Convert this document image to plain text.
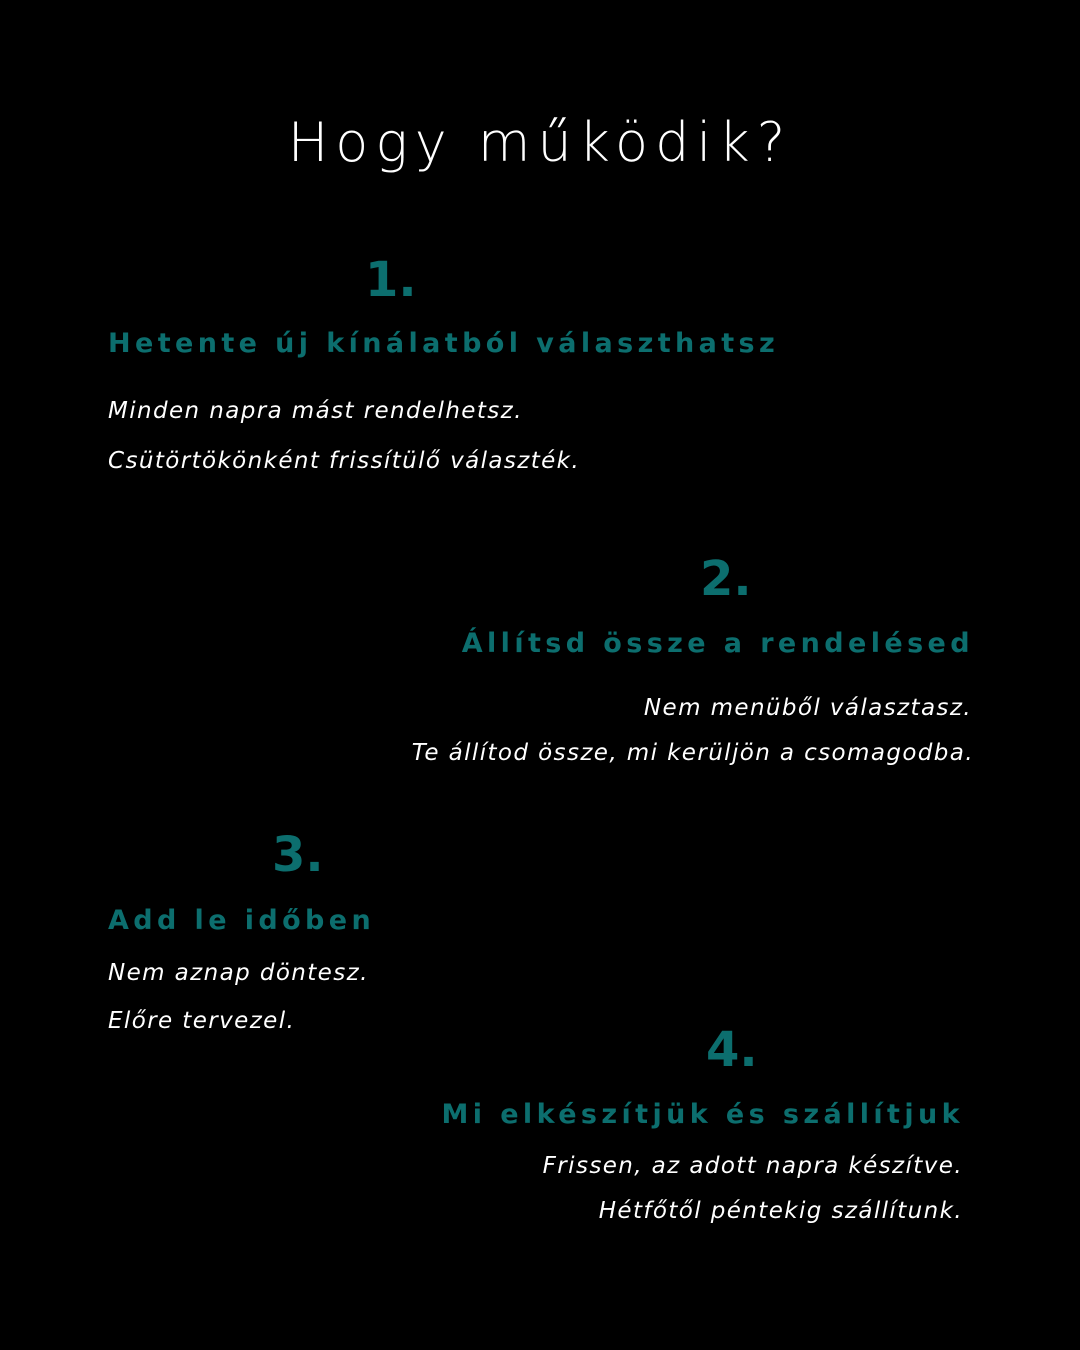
Hogy működik?
1.
Hetente új kínálatból választhatsz
Minden napra mást rendelhetsz.
Csütörtökönként frissítülő választék.
2.
Állítsd össze a rendelésed
Nem menüből választasz.
Te állítod össze, mi kerüljön a csomagodba.
3.
Add le időben
Nem aznap döntesz.
Előre tervezel.
4.
Mi elkészítjük és szállítjuk
Frissen, az adott napra készítve.
Hétfőtől péntekig szállítunk.
